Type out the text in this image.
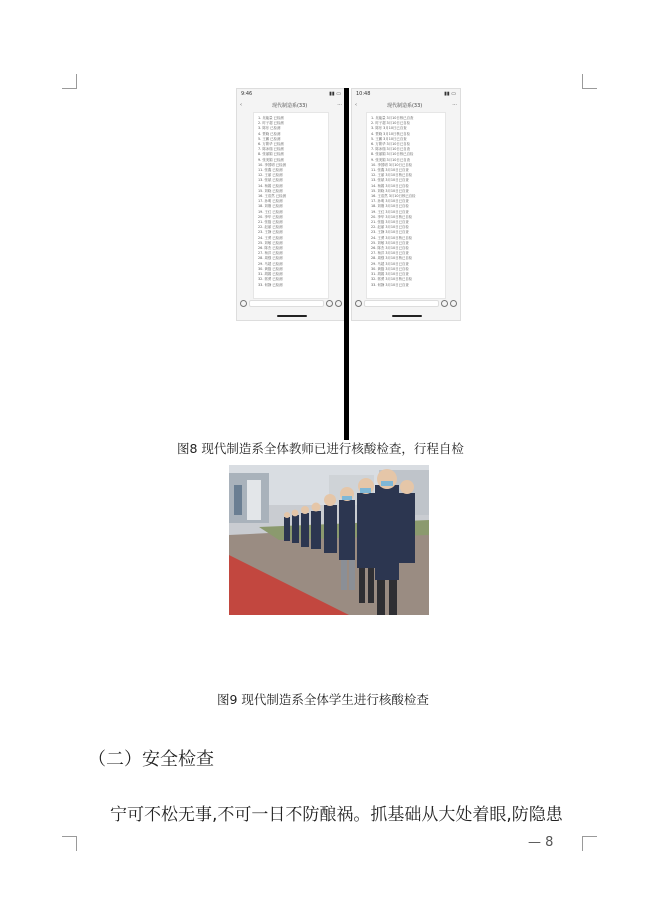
9:46	▮▮ ▭
‹	现代制造系(33)	···
1. 吴能量 已检测
2. 时子超 已检测
3. 陈东 已检测
4. 贾晓 已检测
5. 王鹏 已检测
6. 万繁华 已检测
7. 陈冰瑞 已检测
8. 张丽娟 已检测
9. 张美娟 已检测
10. 李国明 已检测
11. 张鑫 已检测
12. 王丽 已检测
13. 张斌 已检测
14. 杨娟 已检测
15. 刘晓 已检测
16. 王浩然 已检测
17. 孙明 已检测
18. 刘刚 已检测
19. 王红 已检测
20. 李华 已检测
21. 张磊 已检测
22. 赵丽 已检测
23. 王静 已检测
24. 王勇 已检测
25. 刘敏 已检测
26. 陈杰 已检测
27. 杨洋 已检测
28. 周强 已检测
29. 马超 已检测
30. 黄磊 已检测
31. 胡娟 已检测
32. 郭勇 已检测
33. 何静 已检测
10:48	▮▮ ▭
‹	现代制造系(33)	···
1. 吴能量 3月10日核已自查
2. 时子超 3月10日已自检
3. 陈东 3月10日已自查
4. 贾晓 3月10日核已自检
5. 王鹏 3月10日已自查
6. 万繁华 3月10日已自检
7. 陈冰瑞 3月10日已自查
8. 张丽娟 3月10日核已自检
9. 张美娟 3月10日已自查
10. 李国明 3月10日已自检
11. 张鑫 3月10日已自查
12. 王丽 3月10日核已自检
13. 张斌 3月10日已自查
14. 杨娟 3月10日已自检
15. 刘晓 3月10日已自查
16. 王浩然 3月10日核已自检
17. 孙明 3月10日已自查
18. 刘刚 3月10日已自检
19. 王红 3月10日已自查
20. 李华 3月10日核已自检
21. 张磊 3月10日已自查
22. 赵丽 3月10日已自检
23. 王静 3月10日已自查
24. 王勇 3月10日核已自检
25. 刘敏 3月10日已自查
26. 陈杰 3月10日已自检
27. 杨洋 3月10日已自查
28. 周强 3月10日核已自检
29. 马超 3月10日已自查
30. 黄磊 3月10日已自检
31. 胡娟 3月10日已自查
32. 郭勇 3月10日核已自检
33. 何静 3月10日已自查
图8 现代制造系全体教师已进行核酸检查，行程自检
图9 现代制造系全体学生进行核酸检查
（二）安全检查
宁可不松无事,不可一日不防酿祸。抓基础从大处着眼,防隐患
— 8
